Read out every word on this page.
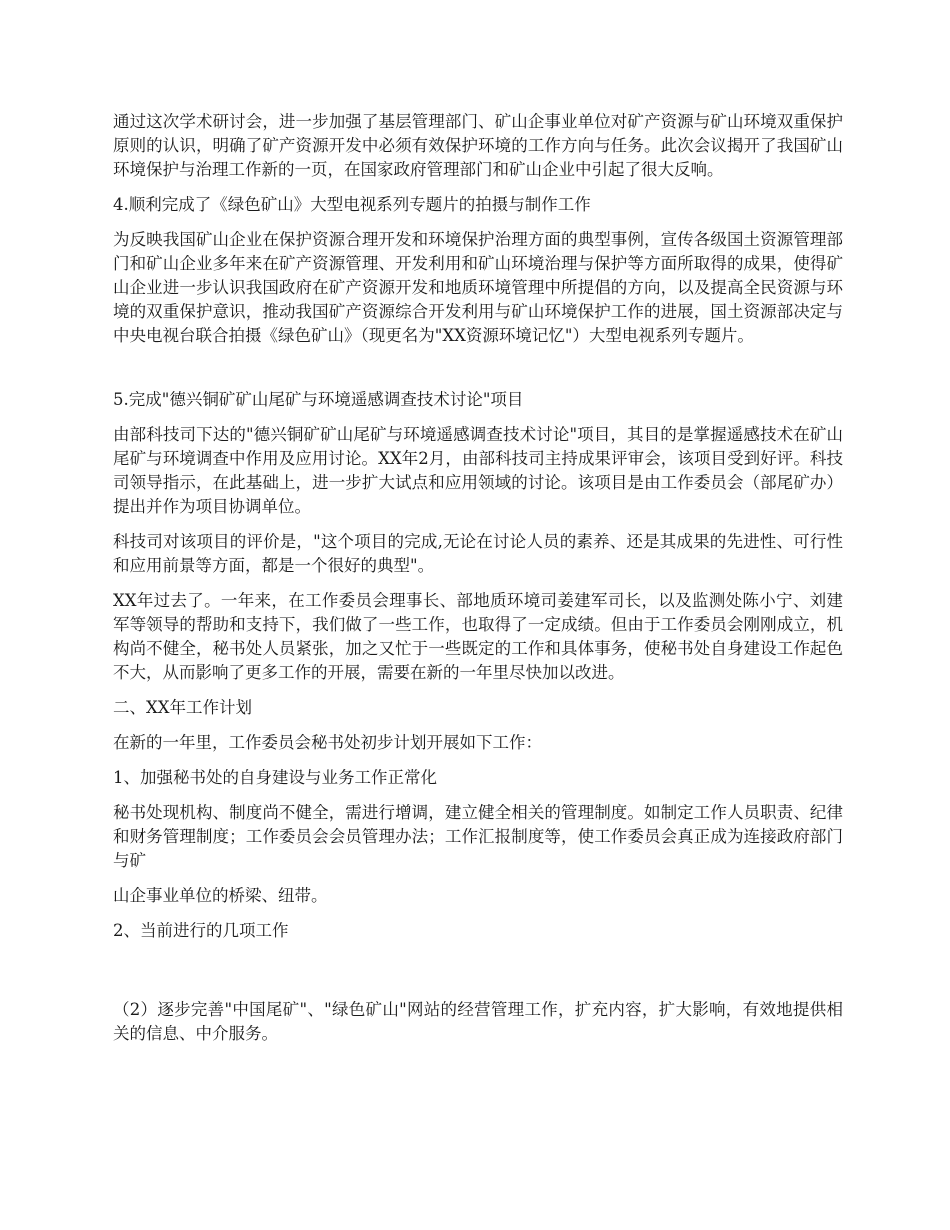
通过这次学术研讨会，进一步加强了基层管理部门、矿山企事业单位对矿产资源与矿山环境双重保护原则的认识，明确了矿产资源开发中必须有效保护环境的工作方向与任务。此次会议揭开了我国矿山环境保护与治理工作新的一页，在国家政府管理部门和矿山企业中引起了很大反响。

4.顺利完成了《绿色矿山》大型电视系列专题片的拍摄与制作工作

为反映我国矿山企业在保护资源合理开发和环境保护治理方面的典型事例，宣传各级国土资源管理部门和矿山企业多年来在矿产资源管理、开发利用和矿山环境治理与保护等方面所取得的成果，使得矿山企业进一步认识我国政府在矿产资源开发和地质环境管理中所提倡的方向，以及提高全民资源与环境的双重保护意识，推动我国矿产资源综合开发利用与矿山环境保护工作的进展，国土资源部决定与中央电视台联合拍摄《绿色矿山》（现更名为"XX资源环境记忆"）大型电视系列专题片。

5.完成"德兴铜矿矿山尾矿与环境遥感调查技术讨论"项目

由部科技司下达的"德兴铜矿矿山尾矿与环境遥感调查技术讨论"项目，其目的是掌握遥感技术在矿山尾矿与环境调查中作用及应用讨论。XX年2月，由部科技司主持成果评审会，该项目受到好评。科技司领导指示，在此基础上，进一步扩大试点和应用领域的讨论。该项目是由工作委员会（部尾矿办）提出并作为项目协调单位。

科技司对该项目的评价是，"这个项目的完成,无论在讨论人员的素养、还是其成果的先进性、可行性和应用前景等方面，都是一个很好的典型"。

XX年过去了。一年来，在工作委员会理事长、部地质环境司姜建军司长，以及监测处陈小宁、刘建军等领导的帮助和支持下，我们做了一些工作，也取得了一定成绩。但由于工作委员会刚刚成立，机构尚不健全，秘书处人员紧张，加之又忙于一些既定的工作和具体事务，使秘书处自身建设工作起色不大，从而影响了更多工作的开展，需要在新的一年里尽快加以改进。

二、XX年工作计划

在新的一年里，工作委员会秘书处初步计划开展如下工作：

1、加强秘书处的自身建设与业务工作正常化

秘书处现机构、制度尚不健全，需进行增调，建立健全相关的管理制度。如制定工作人员职责、纪律和财务管理制度；工作委员会会员管理办法；工作汇报制度等，使工作委员会真正成为连接政府部门与矿

山企事业单位的桥梁、纽带。

2、当前进行的几项工作

（2）逐步完善"中国尾矿"、"绿色矿山"网站的经营管理工作，扩充内容，扩大影响，有效地提供相关的信息、中介服务。
